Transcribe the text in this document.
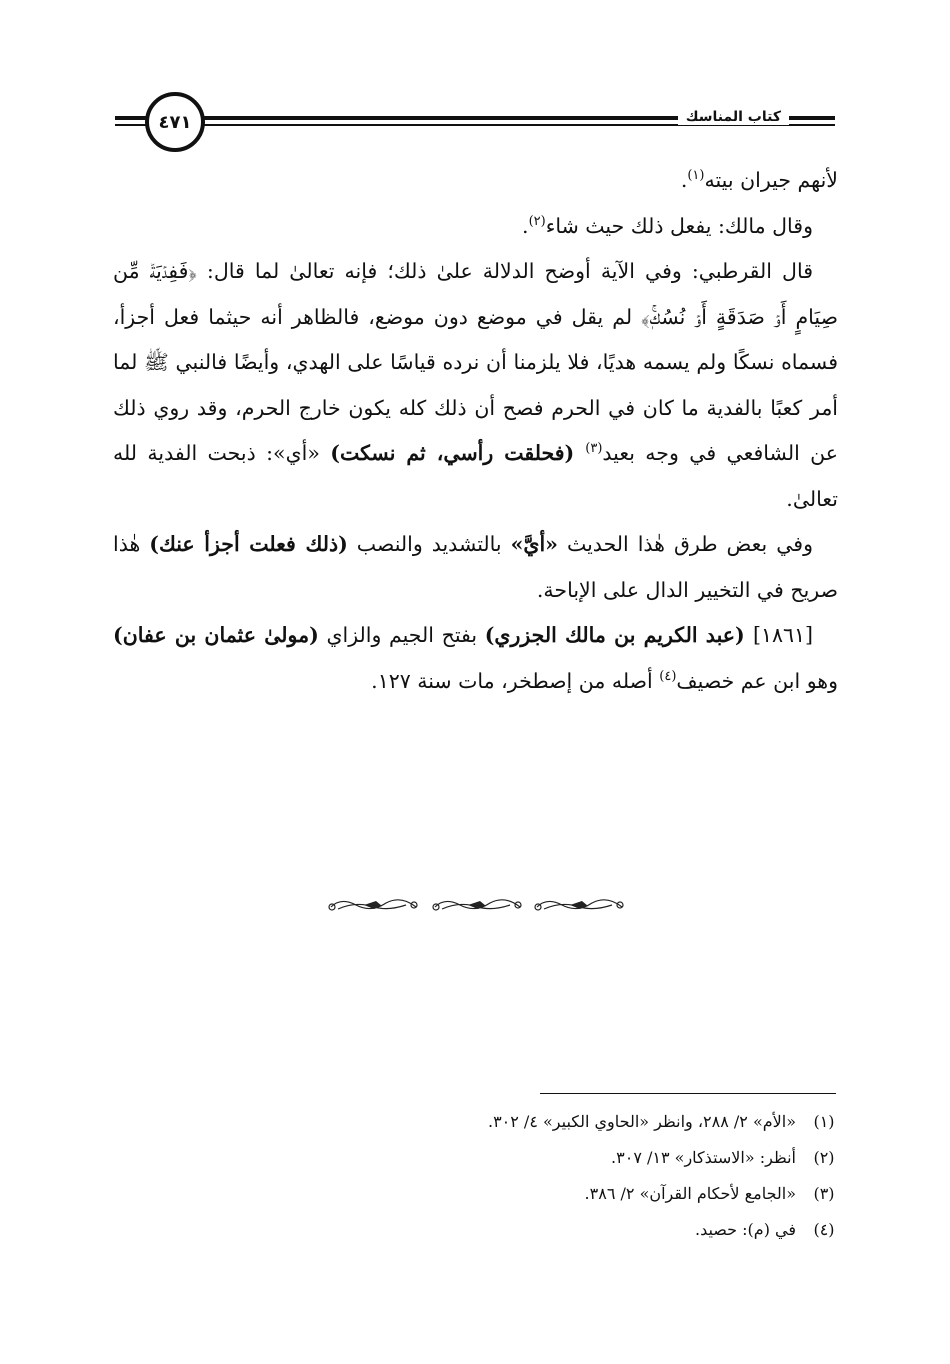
٤٧١	كتاب المناسك

لأنهم جيران بيته$^{(١)}$.

وقال مالك: يفعل ذلك حيث شاء$^{(٢)}$.

قال القرطبي: وفي الآية أوضح الدلالة علىٰ ذلك؛ فإنه تعالىٰ لما قال: ﴿فَفِدۡيَةٞ مِّن صِيَامٍ أَوۡ صَدَقَةٍ أَوۡ نُسُكٖۚ﴾ لم يقل في موضع دون موضع، فالظاهر أنه حيثما فعل أجزأ، فسماه نسكًا ولم يسمه هديًا، فلا يلزمنا أن نرده قياسًا على الهدي، وأيضًا فالنبي ﷺ لما أمر كعبًا بالفدية ما كان في الحرم فصح أن ذلك كله يكون خارج الحرم، وقد روي ذلك عن الشافعي في وجه بعيد$^{(٣)}$ (فحلقت رأسي، ثم نسكت) «أي»: ذبحت الفدية لله تعالىٰ.

وفي بعض طرق هٰذا الحديث «أيَّ» بالتشديد والنصب (ذلك فعلت أجزأ عنك) هٰذا صريح في التخيير الدال على الإباحة.

[١٨٦١] (عبد الكريم بن مالك الجزري) بفتح الجيم والزاي (مولىٰ عثمان بن عفان) وهو ابن عم خصيف$^{(٤)}$ أصله من إصطخر، مات سنة ١٢٧.

(١)
«الأم» ٢/ ٢٨٨، وانظر «الحاوي الكبير» ٤/ ٣٠٢.
(٢)
أنظر: «الاستذكار» ١٣/ ٣٠٧.
(٣)
«الجامع لأحكام القرآن» ٢/ ٣٨٦.
(٤)
في (م): حصيد.
